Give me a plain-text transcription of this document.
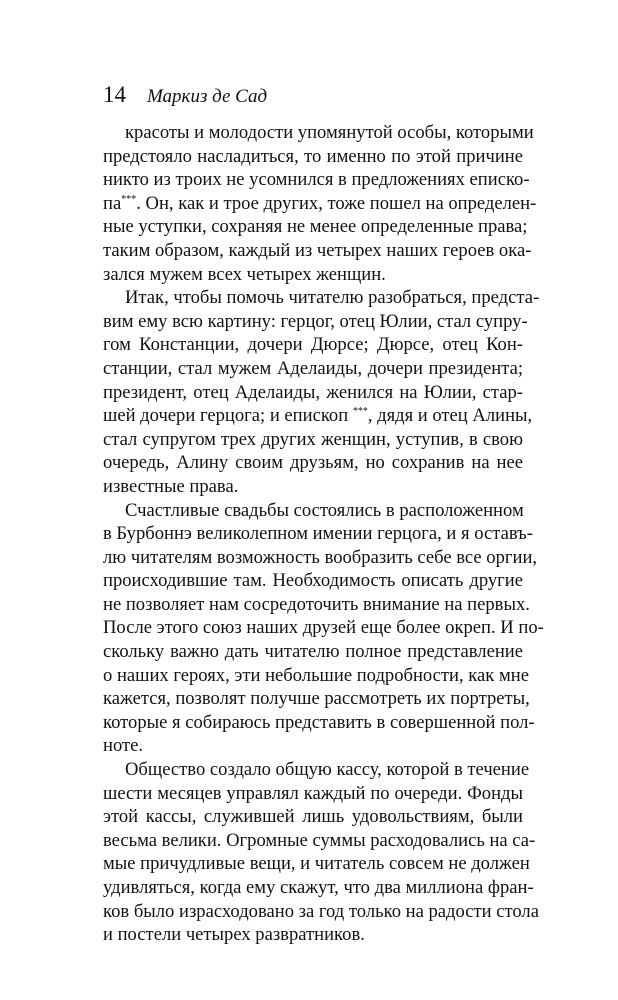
14 Маркиз де Сад
красоты и молодости упомянутой особы, которыми
предстояло насладиться, то именно по этой причине
никто из троих не усомнился в предложениях еписко-
па***. Он, как и трое других, тоже пошел на определен-
ные уступки, сохраняя не менее определенные права;
таким образом, каждый из четырех наших героев ока-
зался мужем всех четырех женщин.
Итак, чтобы помочь читателю разобраться, предста-
вим ему всю картину: герцог, отец Юлии, стал супру-
гом Констанции, дочери Дюрсе; Дюрсе, отец Кон-
станции, стал мужем Аделаиды, дочери президента;
президент, отец Аделаиды, женился на Юлии, стар-
шей дочери герцога; и епископ ***, дядя и отец Алины,
стал супругом трех других женщин, уступив, в свою
очередь, Алину своим друзьям, но сохранив на нее
известные права.
Счастливые свадьбы состоялись в расположенном
в Бурбоннэ великолепном имении герцога, и я оставъ-
лю читателям возможность вообразить себе все оргии,
происходившие там. Необходимость описать другие
не позволяет нам сосредоточить внимание на первых.
После этого союз наших друзей еще более окреп. И по-
скольку важно дать читателю полное представление
о наших героях, эти небольшие подробности, как мне
кажется, позволят получше рассмотреть их портреты,
которые я собираюсь представить в совершенной пол-
ноте.
Общество создало общую кассу, которой в течение
шести месяцев управлял каждый по очереди. Фонды
этой кассы, служившей лишь удовольствиям, были
весьма велики. Огромные суммы расходовались на са-
мые причудливые вещи, и читатель совсем не должен
удивляться, когда ему скажут, что два миллиона фран-
ков было израсходовано за год только на радости стола
и постели четырех развратников.
